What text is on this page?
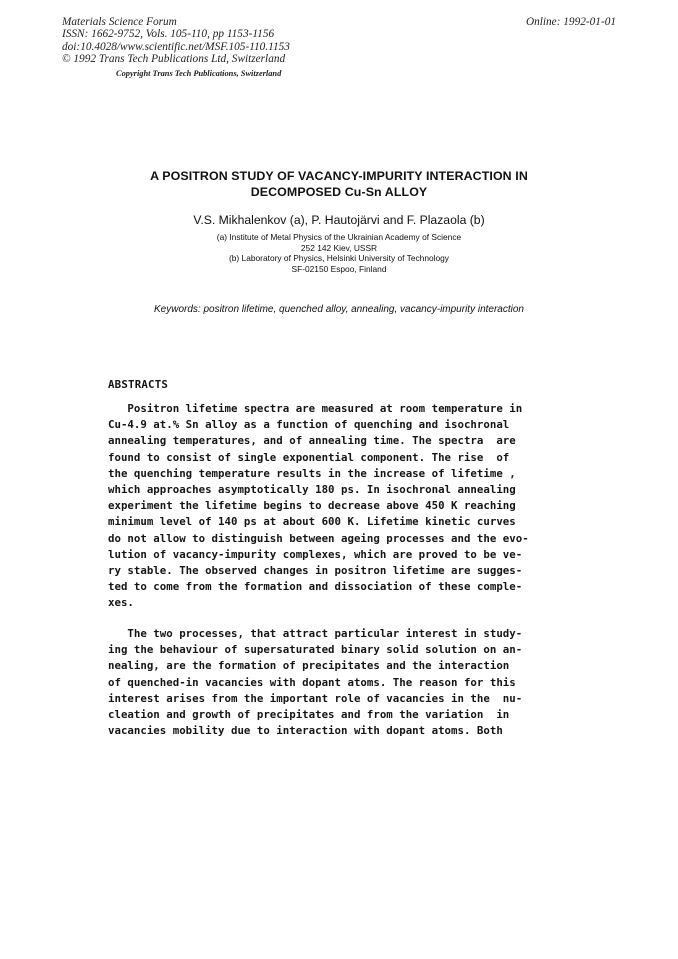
Materials Science Forum
ISSN: 1662-9752, Vols. 105-110, pp 1153-1156
doi:10.4028/www.scientific.net/MSF.105-110.1153
© 1992 Trans Tech Publications Ltd, Switzerland
Copyright Trans Tech Publications, Switzerland
Online: 1992-01-01
A POSITRON STUDY OF VACANCY-IMPURITY INTERACTION IN
DECOMPOSED Cu-Sn ALLOY
V.S. Mikhalenkov (a), P. Hautojärvi and F. Plazaola (b)
(a) Institute of Metal Physics of the Ukrainian Academy of Science
252 142 Kiev, USSR
(b) Laboratory of Physics, Helsinki University of Technology
SF-02150 Espoo, Finland
Keywords: positron lifetime, quenched alloy, annealing, vacancy-impurity interaction
ABSTRACTS
Positron lifetime spectra are measured at room temperature in
Cu-4.9 at.% Sn alloy as a function of quenching and isochronal
annealing temperatures, and of annealing time. The spectra  are
found to consist of single exponential component. The rise  of
the quenching temperature results in the increase of lifetime ,
which approaches asymptotically 180 ps. In isochronal annealing
experiment the lifetime begins to decrease above 450 K reaching
minimum level of 140 ps at about 600 K. Lifetime kinetic curves
do not allow to distinguish between ageing processes and the evo-
lution of vacancy-impurity complexes, which are proved to be ve-
ry stable. The observed changes in positron lifetime are sugges-
ted to come from the formation and dissociation of these comple-
xes.
The two processes, that attract particular interest in study-
ing the behaviour of supersaturated binary solid solution on an-
nealing, are the formation of precipitates and the interaction
of quenched-in vacancies with dopant atoms. The reason for this
interest arises from the important role of vacancies in the  nu-
cleation and growth of precipitates and from the variation  in
vacancies mobility due to interaction with dopant atoms. Both
